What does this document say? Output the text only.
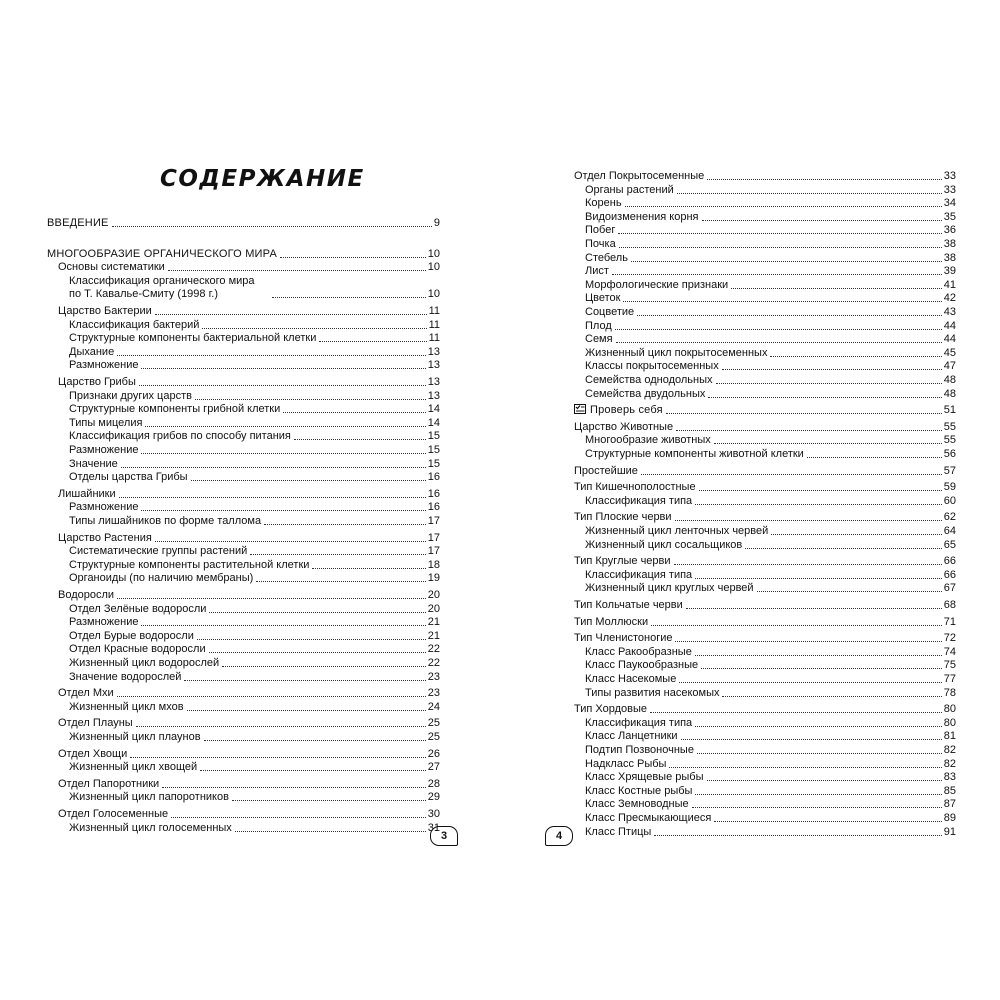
СОДЕРЖАНИЕ
ВВЕДЕНИЕ	9
МНОГООБРАЗИЕ ОРГАНИЧЕСКОГО МИРА	10
Основы систематики	10
Классификация органического мира по Т. Кавалье-Смиту (1998 г.)	10
Царство Бактерии	11
Классификация бактерий	11
Структурные компоненты бактериальной клетки	11
Дыхание	13
Размножение	13
Царство Грибы	13
Признаки других царств	13
Структурные компоненты грибной клетки	14
Типы мицелия	14
Классификация грибов по способу питания	15
Размножение	15
Значение	15
Отделы царства Грибы	16
Лишайники	16
Размножение	16
Типы лишайников по форме таллома	17
Царство Растения	17
Систематические группы растений	17
Структурные компоненты растительной клетки	18
Органоиды (по наличию мембраны)	19
Водоросли	20
Отдел Зелёные водоросли	20
Размножение	21
Отдел Бурые водоросли	21
Отдел Красные водоросли	22
Жизненный цикл водорослей	22
Значение водорослей	23
Отдел Мхи	23
Жизненный цикл мхов	24
Отдел Плауны	25
Жизненный цикл плаунов	25
Отдел Хвощи	26
Жизненный цикл хвощей	27
Отдел Папоротники	28
Жизненный цикл папоротников	29
Отдел Голосеменные	30
Жизненный цикл голосеменных	31
Отдел Покрытосеменные	33
Органы растений	33
Корень	34
Видоизменения корня	35
Побег	36
Почка	38
Стебель	38
Лист	39
Морфологические признаки	41
Цветок	42
Соцветие	43
Плод	44
Семя	44
Жизненный цикл покрытосеменных	45
Классы покрытосеменных	47
Семейства однодольных	48
Семейства двудольных	48
Проверь себя	51
Царство Животные	55
Многообразие животных	55
Структурные компоненты животной клетки	56
Простейшие	57
Тип Кишечнополостные	59
Классификация типа	60
Тип Плоские черви	62
Жизненный цикл ленточных червей	64
Жизненный цикл сосальщиков	65
Тип Круглые черви	66
Классификация типа	66
Жизненный цикл круглых червей	67
Тип Кольчатые черви	68
Тип Моллюски	71
Тип Членистоногие	72
Класс Ракообразные	74
Класс Паукообразные	75
Класс Насекомые	77
Типы развития насекомых	78
Тип Хордовые	80
Классификация типа	80
Класс Ланцетники	81
Подтип Позвоночные	82
Надкласс Рыбы	82
Класс Хрящевые рыбы	83
Класс Костные рыбы	85
Класс Земноводные	87
Класс Пресмыкающиеся	89
Класс Птицы	91
3	4
